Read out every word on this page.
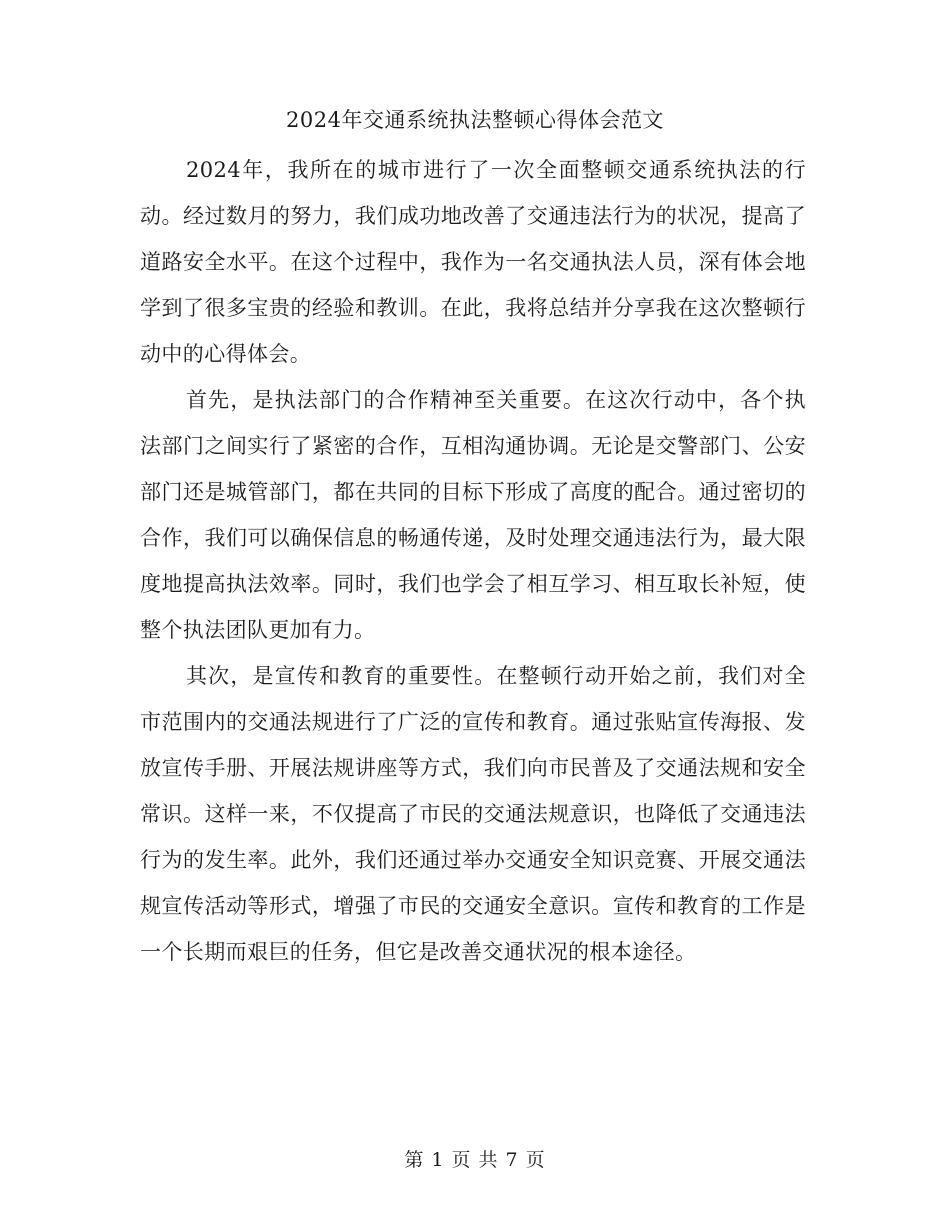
2024年交通系统执法整顿心得体会范文

2024年，我所在的城市进行了一次全面整顿交通系统执法的行动。经过数月的努力，我们成功地改善了交通违法行为的状况，提高了道路安全水平。在这个过程中，我作为一名交通执法人员，深有体会地学到了很多宝贵的经验和教训。在此，我将总结并分享我在这次整顿行动中的心得体会。

首先，是执法部门的合作精神至关重要。在这次行动中，各个执法部门之间实行了紧密的合作，互相沟通协调。无论是交警部门、公安部门还是城管部门，都在共同的目标下形成了高度的配合。通过密切的合作，我们可以确保信息的畅通传递，及时处理交通违法行为，最大限度地提高执法效率。同时，我们也学会了相互学习、相互取长补短，使整个执法团队更加有力。

其次，是宣传和教育的重要性。在整顿行动开始之前，我们对全市范围内的交通法规进行了广泛的宣传和教育。通过张贴宣传海报、发放宣传手册、开展法规讲座等方式，我们向市民普及了交通法规和安全常识。这样一来，不仅提高了市民的交通法规意识，也降低了交通违法行为的发生率。此外，我们还通过举办交通安全知识竞赛、开展交通法规宣传活动等形式，增强了市民的交通安全意识。宣传和教育的工作是一个长期而艰巨的任务，但它是改善交通状况的根本途径。

第 1 页 共 7 页
